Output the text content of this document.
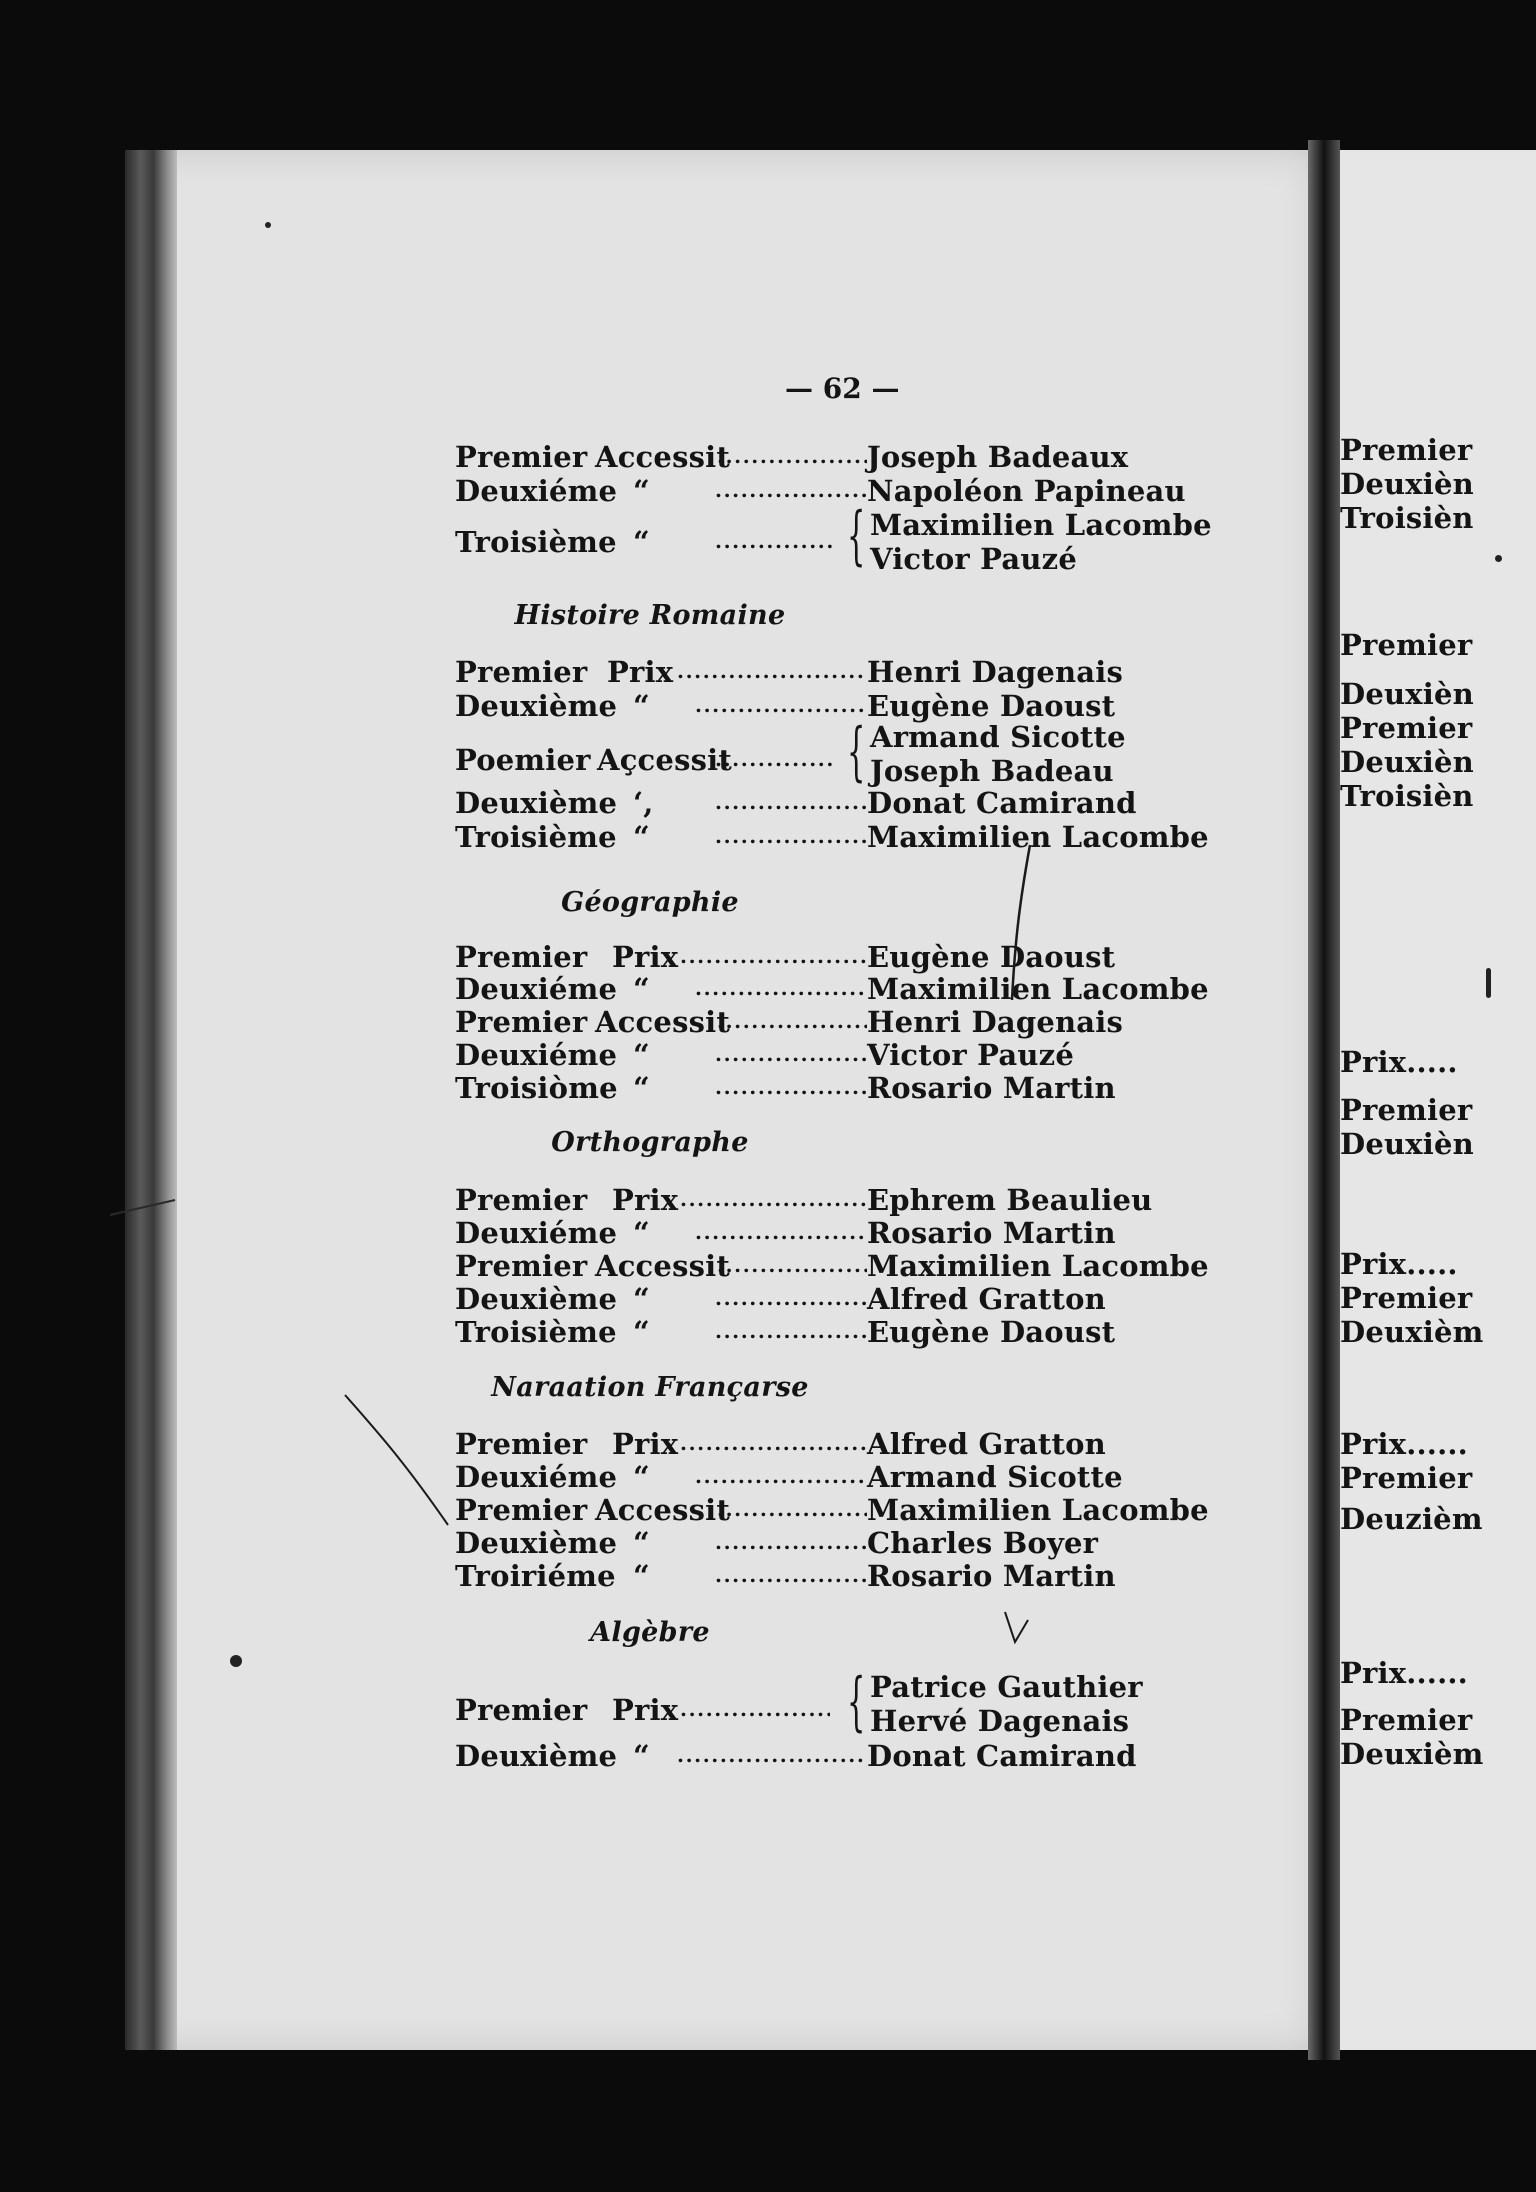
Premier
Deuxièn
Troisièn
Premier
Deuxièn
Premier
Deuxièn
Troisièn
Prix.....
Premier
Deuxièn
Prix.....
Premier
Deuxièm
Prix......
Premier
Deuzièm
Prix......
Premier
Deuxièm
— 62 —
Premier Accessit .....	Joseph Badeaux
Deuxiéme “ .....	Napoléon Papineau
Troisième “ .....	{ Maximilien Lacombe
Victor Pauzé
Histoire Romaine
Premier Prix .....	Henri Dagenais
Deuxième “ .....	Eugène Daoust
Poemier Açcessit ..... { Armand Sicotte
Joseph Badeau
Deuxième ‘, .....	Donat Camirand
Troisième “ .....	Maximilien Lacombe
Géographie
Premier Prix .....	Eugène Daoust
Deuxiéme “ .....	Maximilien Lacombe
Premier Accessit .....	Henri Dagenais
Deuxiéme “ .....	Victor Pauzé
Troisiòme “ .....	Rosario Martin
Orthographe
Premier Prix .....	Ephrem Beaulieu
Deuxiéme “ .....	Rosario Martin
Premier Accessit .....	Maximilien Lacombe
Deuxième “ .....	Alfred Gratton
Troisième “ .....	Eugène Daoust
Naraation Françarse
Premier Prix .....	Alfred Gratton
Deuxiéme “ .....	Armand Sicotte
Premier Accessit .....	Maximilien Lacombe
Deuxième “ .....	Charles Boyer
Troiriéme “ .....	Rosario Martin
Algèbre
Premier Prix .....	{ Patrice Gauthier
Hervé Dagenais
Deuxième “ .....	Donat Camirand
